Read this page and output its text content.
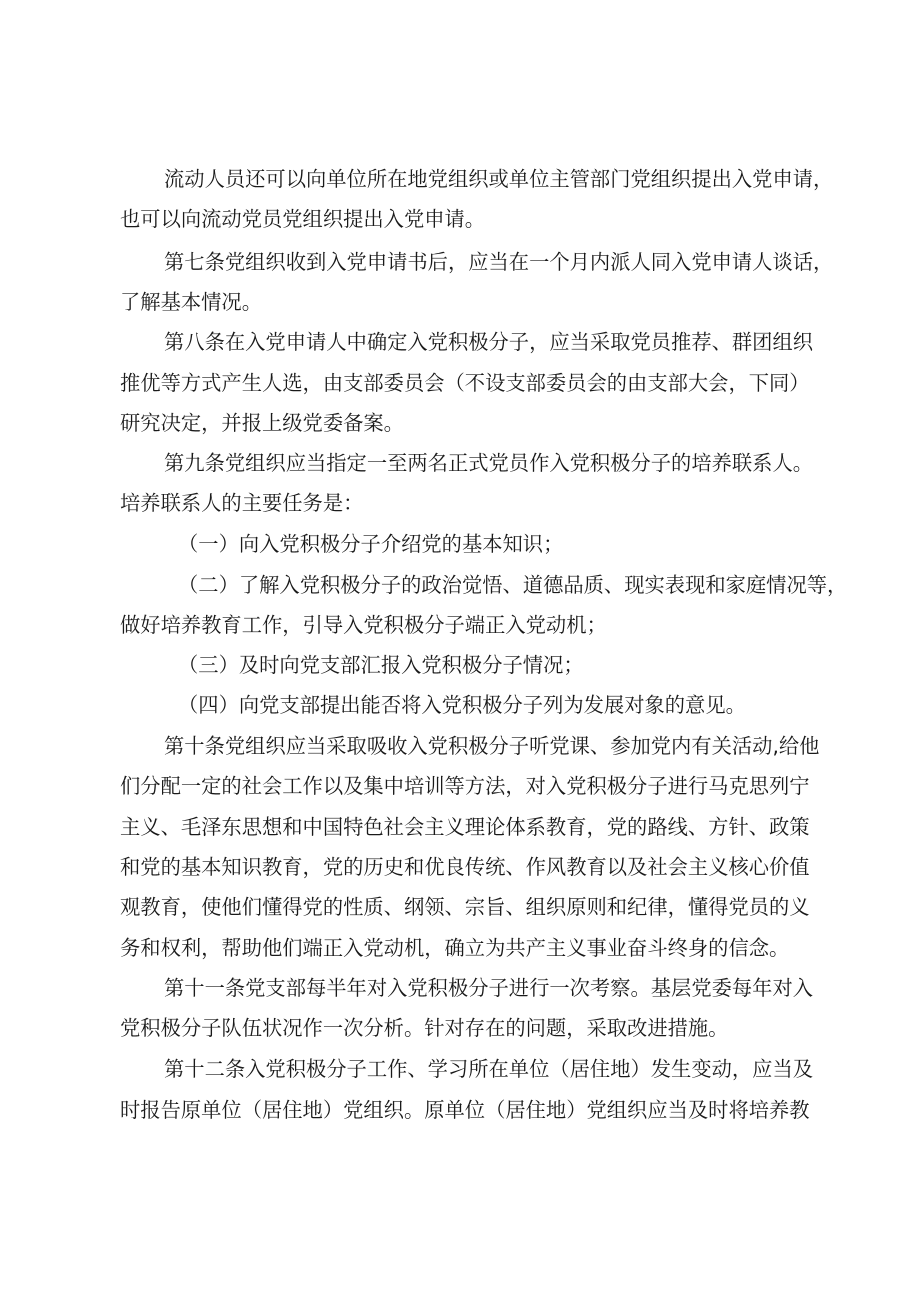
流动人员还可以向单位所在地党组织或单位主管部门党组织提出入党申请，

也可以向流动党员党组织提出入党申请。

第七条党组织收到入党申请书后，应当在一个月内派人同入党申请人谈话，

了解基本情况。

第八条在入党申请人中确定入党积极分子，应当采取党员推荐、群团组织

推优等方式产生人选，由支部委员会（不设支部委员会的由支部大会，下同）

研究决定，并报上级党委备案。

第九条党组织应当指定一至两名正式党员作入党积极分子的培养联系人。

培养联系人的主要任务是：

（一）向入党积极分子介绍党的基本知识；

（二）了解入党积极分子的政治觉悟、道德品质、现实表现和家庭情况等，

做好培养教育工作，引导入党积极分子端正入党动机；

（三）及时向党支部汇报入党积极分子情况；

（四）向党支部提出能否将入党积极分子列为发展对象的意见。

第十条党组织应当采取吸收入党积极分子听党课、参加党内有关活动,给他

们分配一定的社会工作以及集中培训等方法，对入党积极分子进行马克思列宁

主义、毛泽东思想和中国特色社会主义理论体系教育，党的路线、方针、政策

和党的基本知识教育，党的历史和优良传统、作风教育以及社会主义核心价值

观教育，使他们懂得党的性质、纲领、宗旨、组织原则和纪律，懂得党员的义

务和权利，帮助他们端正入党动机，确立为共产主义事业奋斗终身的信念。

第十一条党支部每半年对入党积极分子进行一次考察。基层党委每年对入

党积极分子队伍状况作一次分析。针对存在的问题，采取改进措施。

第十二条入党积极分子工作、学习所在单位（居住地）发生变动，应当及

时报告原单位（居住地）党组织。原单位（居住地）党组织应当及时将培养教
